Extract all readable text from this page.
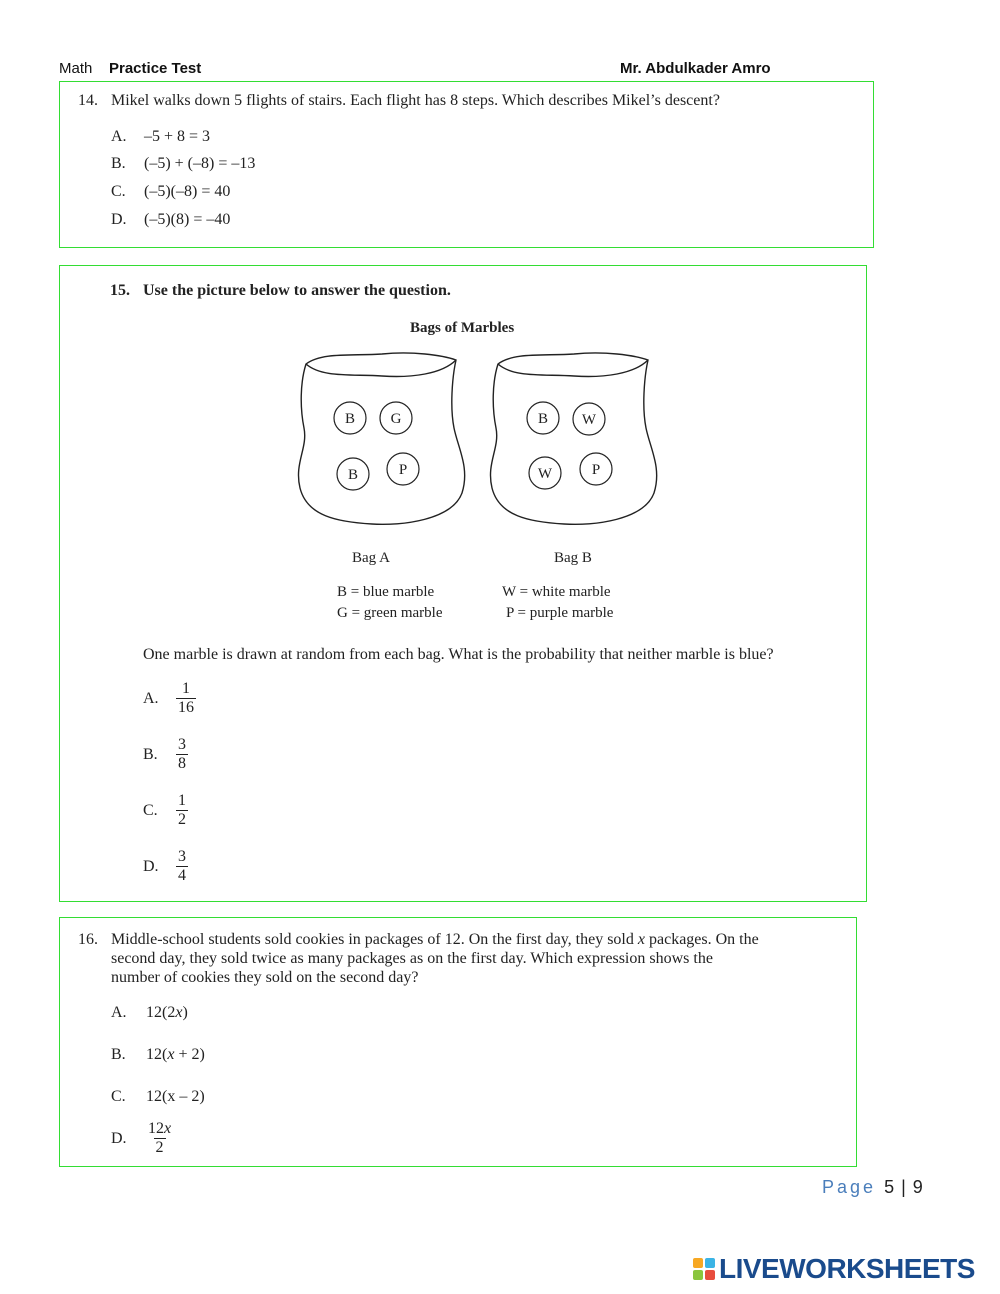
Math Practice Test	Mr. Abdulkader Amro
14. Mikel walks down 5 flights of stairs. Each flight has 8 steps. Which describes Mikel’s descent?
A. –5 + 8 = 3
B. (–5) + (–8) = –13
C. (–5)(–8) = 40
D. (–5)(8) = –40
15. Use the picture below to answer the question.
Bags of Marbles
B G
B	P
B W
W	P
Bag A	Bag B
B = blue marble
G = green marble
W = white marble
P = purple marble
One marble is drawn at random from each bag. What is the probability that neither marble is blue?
A. $\frac{1}{16}$
B. $\frac{3}{8}$
C. $\frac{1}{2}$
D. $\frac{3}{4}$
16. Middle-school students sold cookies in packages of 12. On the first day, they sold x packages. On the
second day, they sold twice as many packages as on the first day. Which expression shows the
number of cookies they sold on the second day?
A. 12(2x)
B. 12(x + 2)
C. 12(x – 2)
D. $\frac{12x}{2}$
Page 5 | 9
LIVEWORKSHEETS
